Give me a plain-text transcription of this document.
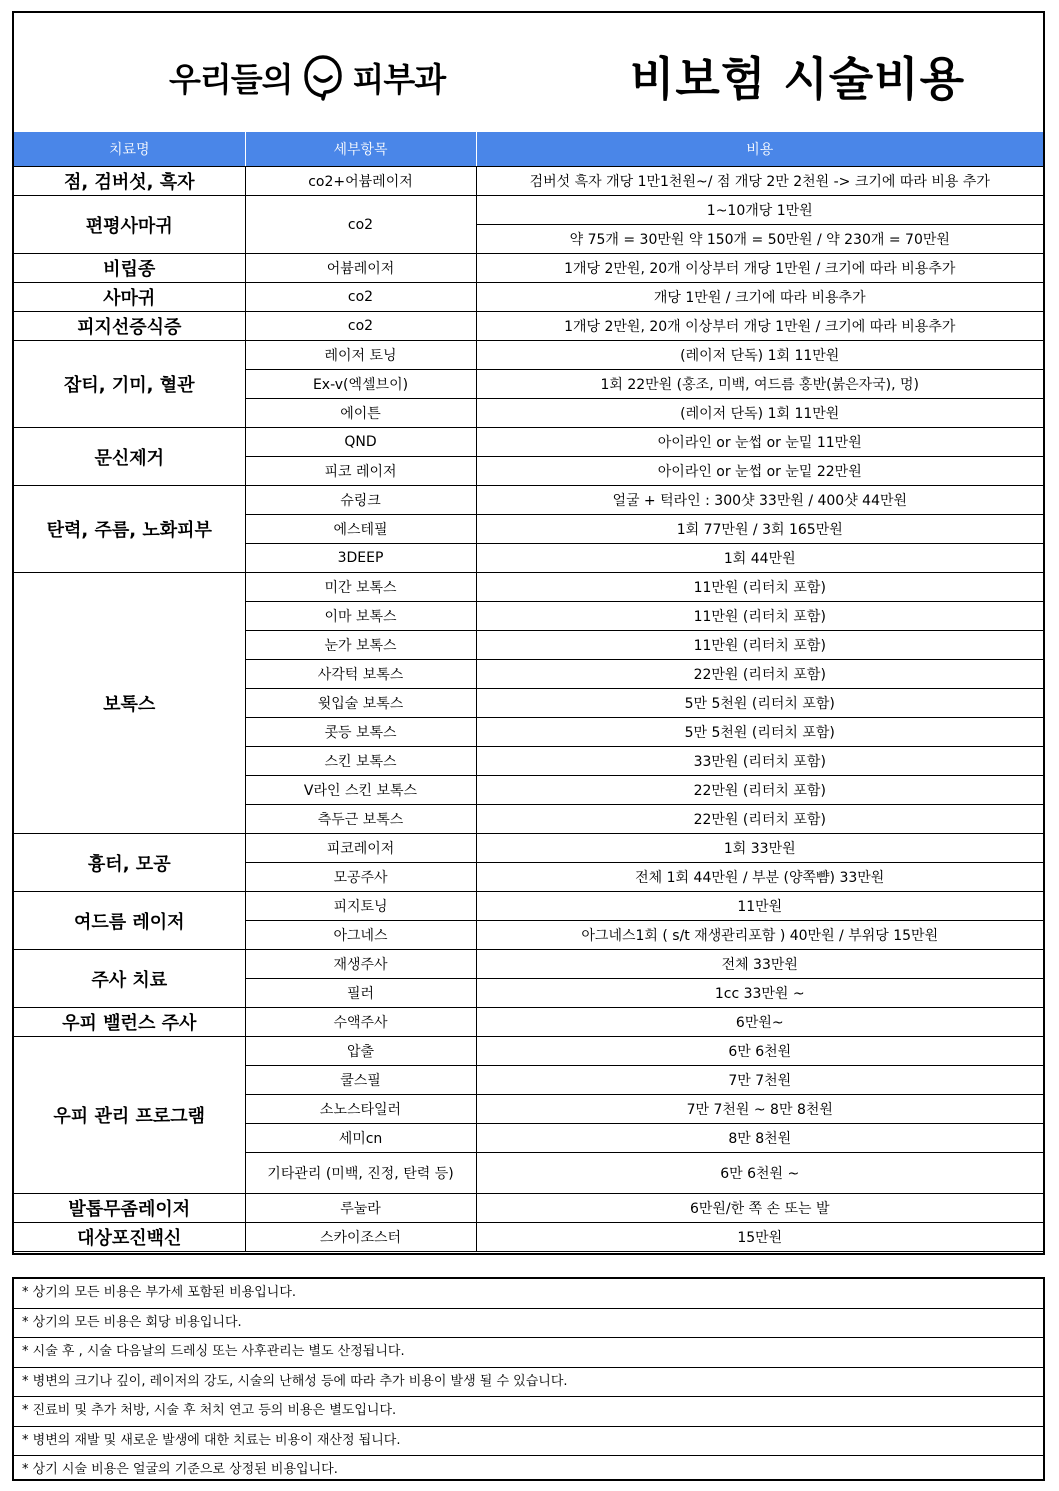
우리들의 피부과	비보험 시술비용
치료명	세부항목	비용
점, 검버섯, 흑자	co2+어븀레이저	검버섯 흑자 개당 1만1천원~/ 점 개당 2만 2천원 -> 크기에 따라 비용 추가
편평사마귀	co2	1~10개당 1만원
		약 75개 = 30만원 약 150개 = 50만원 / 약 230개 = 70만원
비립종	어븀레이저	1개당 2만원, 20개 이상부터 개당 1만원 / 크기에 따라 비용추가
사마귀	co2	개당 1만원 / 크기에 따라 비용추가
피지선증식증	co2	1개당 2만원, 20개 이상부터 개당 1만원 / 크기에 따라 비용추가
잡티, 기미, 혈관	레이저 토닝	(레이저 단독) 1회 11만원
	Ex-v(엑셀브이)	1회 22만원 (홍조, 미백, 여드름 홍반(붉은자국), 멍)
	에이튼	(레이저 단독) 1회 11만원
문신제거	QND	아이라인 or 눈썹 or 눈밑 11만원
	피코 레이저	아이라인 or 눈썹 or 눈밑 22만원
탄력, 주름, 노화피부	슈링크	얼굴 + 턱라인 : 300샷 33만원 / 400샷 44만원
	에스테필	1회 77만원 / 3회 165만원
	3DEEP	1회 44만원
보톡스	미간 보톡스	11만원 (리터치 포함)
	이마 보톡스	11만원 (리터치 포함)
	눈가 보톡스	11만원 (리터치 포함)
	사각턱 보톡스	22만원 (리터치 포함)
	윗입술 보톡스	5만 5천원 (리터치 포함)
	콧등 보톡스	5만 5천원 (리터치 포함)
	스킨 보톡스	33만원 (리터치 포함)
	V라인 스킨 보톡스	22만원 (리터치 포함)
	측두근 보톡스	22만원 (리터치 포함)
흉터, 모공	피코레이저	1회 33만원
	모공주사	전체 1회 44만원 / 부분 (양쪽뺨) 33만원
여드름 레이저	피지토닝	11만원
	아그네스	아그네스1회 ( s/t 재생관리포함 ) 40만원 / 부위당 15만원
주사 치료	재생주사	전체 33만원
	필러	1cc 33만원 ~
우피 밸런스 주사	수액주사	6만원~
우피 관리 프로그램	압출	6만 6천원
	쿨스필	7만 7천원
	소노스타일러	7만 7천원 ~ 8만 8천원
	세미cn	8만 8천원
	기타관리 (미백, 진정, 탄력 등)	6만 6천원 ~
발톱무좀레이저	루눌라	6만원/한 쪽 손 또는 발
대상포진백신	스카이조스터	15만원
* 상기의 모든 비용은 부가세 포함된 비용입니다.
* 상기의 모든 비용은 회당 비용입니다.
* 시술 후 , 시술 다음날의 드레싱 또는 사후관리는 별도 산정됩니다.
* 병변의 크기나 깊이, 레이저의 강도, 시술의 난해성 등에 따라 추가 비용이 발생 될 수 있습니다.
* 진료비 및 추가 처방, 시술 후 처치 연고 등의 비용은 별도입니다.
* 병변의 재발 및 새로운 발생에 대한 치료는 비용이 재산정 됩니다.
* 상기 시술 비용은 얼굴의 기준으로 상정된 비용입니다.
